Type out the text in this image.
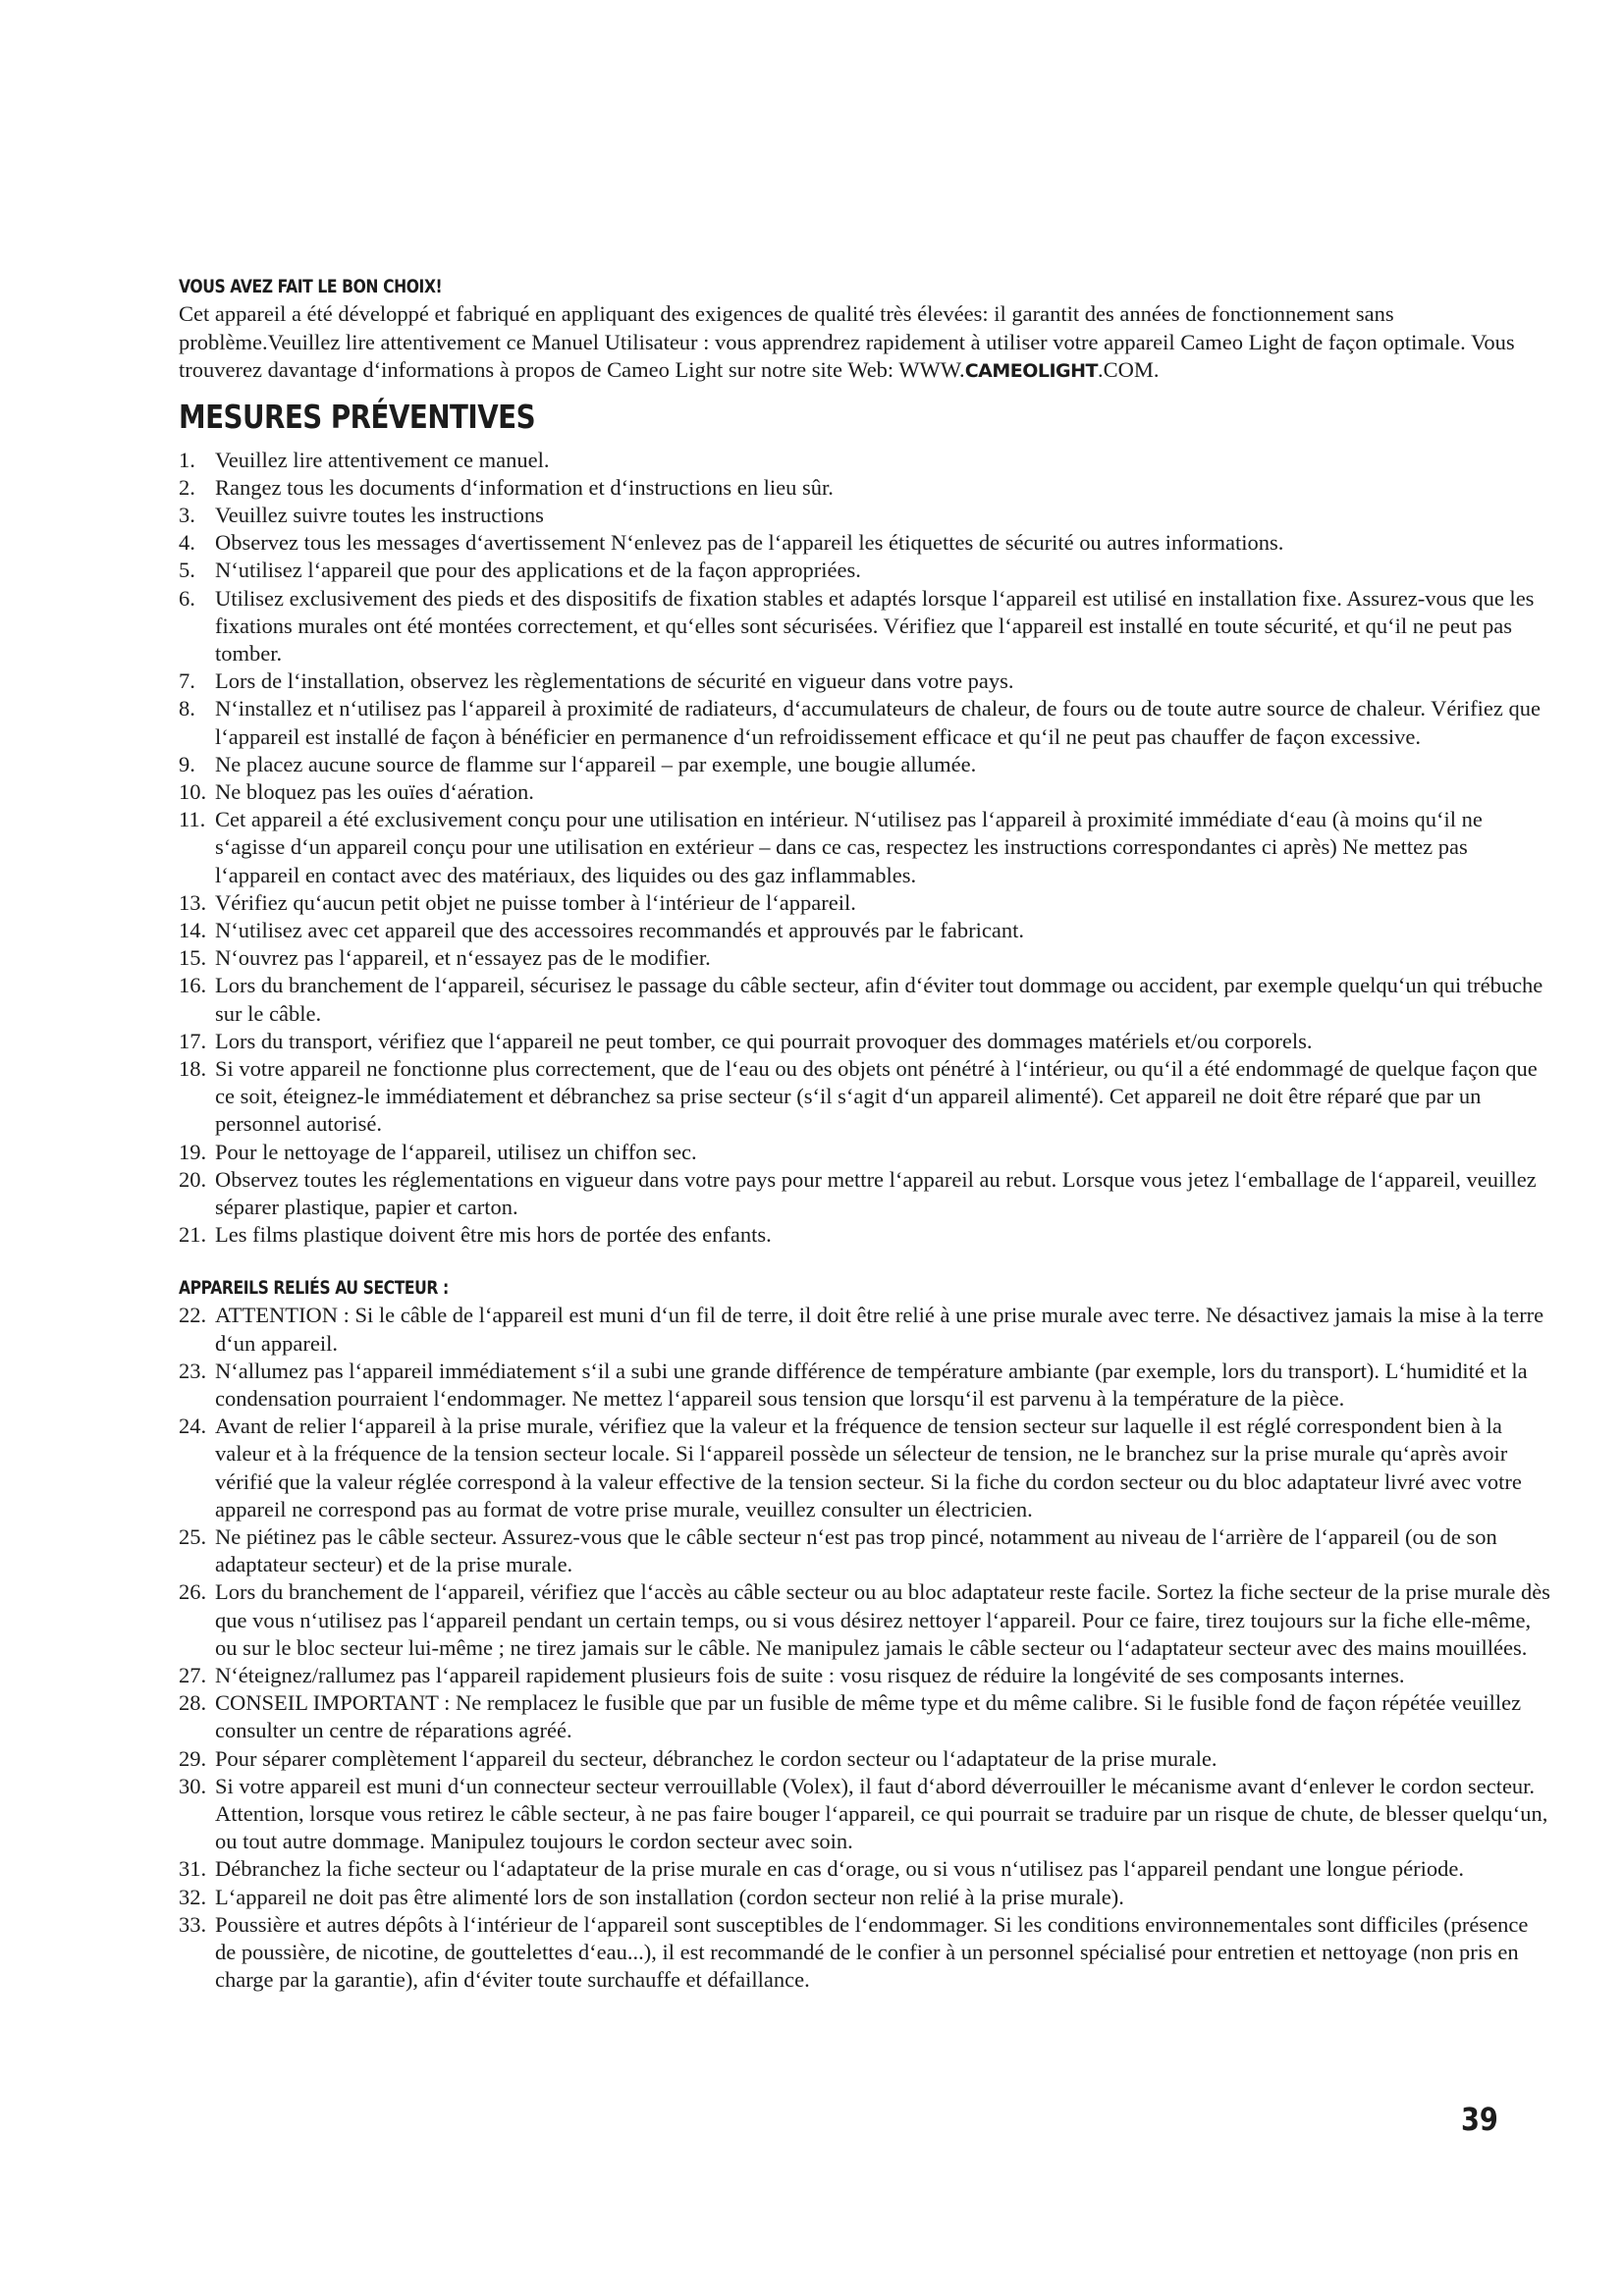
VOUS AVEZ FAIT LE BON CHOIX!

Cet appareil a été développé et fabriqué en appliquant des exigences de qualité très élevées: il garantit des années de fonctionnement sans problème.Veuillez lire attentivement ce Manuel Utilisateur : vous apprendrez rapidement à utiliser votre appareil Cameo Light de façon optimale. Vous trouverez davantage d‘informations à propos de Cameo Light sur notre site Web: WWW.CAMEOLIGHT.COM.

MESURES PRÉVENTIVES
1. Veuillez lire attentivement ce manuel.
2. Rangez tous les documents d‘information et d‘instructions en lieu sûr.
3. Veuillez suivre toutes les instructions
4. Observez tous les messages d‘avertissement N‘enlevez pas de l‘appareil les étiquettes de sécurité ou autres informations.
5. N‘utilisez l‘appareil que pour des applications et de la façon appropriées.
6. Utilisez exclusivement des pieds et des dispositifs de fixation stables et adaptés lorsque l‘appareil est utilisé en installation fixe. Assurez-vous que les fixations murales ont été montées correctement, et qu‘elles sont sécurisées. Vérifiez que l‘appareil est installé en toute sécurité, et qu‘il ne peut pas tomber.
7. Lors de l‘installation, observez les règlementations de sécurité en vigueur dans votre pays.
8. N‘installez et n‘utilisez pas l‘appareil à proximité de radiateurs, d‘accumulateurs de chaleur, de fours ou de toute autre source de chaleur. Vérifiez que l‘appareil est installé de façon à bénéficier en permanence d‘un refroidissement efficace et qu‘il ne peut pas chauffer de façon excessive.
9. Ne placez aucune source de flamme sur l‘appareil – par exemple, une bougie allumée.
10. Ne bloquez pas les ouïes d‘aération.
11. Cet appareil a été exclusivement conçu pour une utilisation en intérieur. N‘utilisez pas l‘appareil à proximité immédiate d‘eau (à moins qu‘il ne s‘agisse d‘un appareil conçu pour une utilisation en extérieur – dans ce cas, respectez les instructions correspondantes ci après) Ne mettez pas l‘appareil en contact avec des matériaux, des liquides ou des gaz inflammables.
13. Vérifiez qu‘aucun petit objet ne puisse tomber à l‘intérieur de l‘appareil.
14. N‘utilisez avec cet appareil que des accessoires recommandés et approuvés par le fabricant.
15. N‘ouvrez pas l‘appareil, et n‘essayez pas de le modifier.
16. Lors du branchement de l‘appareil, sécurisez le passage du câble secteur, afin d‘éviter tout dommage ou accident, par exemple quelqu‘un qui trébuche sur le câble.
17. Lors du transport, vérifiez que l‘appareil ne peut tomber, ce qui pourrait provoquer des dommages matériels et/ou corporels.
18. Si votre appareil ne fonctionne plus correctement, que de l‘eau ou des objets ont pénétré à l‘intérieur, ou qu‘il a été endommagé de quelque façon que ce soit, éteignez-le immédiatement et débranchez sa prise secteur (s‘il s‘agit d‘un appareil alimenté). Cet appareil ne doit être réparé que par un personnel autorisé.
19. Pour le nettoyage de l‘appareil, utilisez un chiffon sec.
20. Observez toutes les réglementations en vigueur dans votre pays pour mettre l‘appareil au rebut. Lorsque vous jetez l‘emballage de l‘appareil, veuillez séparer plastique, papier et carton.
21. Les films plastique doivent être mis hors de portée des enfants.
APPAREILS RELIÉS AU SECTEUR :
22. ATTENTION : Si le câble de l‘appareil est muni d‘un fil de terre, il doit être relié à une prise murale avec terre. Ne désactivez jamais la mise à la terre d‘un appareil.
23. N‘allumez pas l‘appareil immédiatement s‘il a subi une grande différence de température ambiante (par exemple, lors du transport). L‘humidité et la condensation pourraient l‘endommager. Ne mettez l‘appareil sous tension que lorsqu‘il est parvenu à la température de la pièce.
24. Avant de relier l‘appareil à la prise murale, vérifiez que la valeur et la fréquence de tension secteur sur laquelle il est réglé correspondent bien à la valeur et à la fréquence de la tension secteur locale. Si l‘appareil possède un sélecteur de tension, ne le branchez sur la prise murale qu‘après avoir vérifié que la valeur réglée correspond à la valeur effective de la tension secteur. Si la fiche du cordon secteur ou du bloc adaptateur livré avec votre appareil ne correspond pas au format de votre prise murale, veuillez consulter un électricien.
25. Ne piétinez pas le câble secteur. Assurez-vous que le câble secteur n‘est pas trop pincé, notamment au niveau de l‘arrière de l‘appareil (ou de son adaptateur secteur) et de la prise murale.
26. Lors du branchement de l‘appareil, vérifiez que l‘accès au câble secteur ou au bloc adaptateur reste facile. Sortez la fiche secteur de la prise murale dès que vous n‘utilisez pas l‘appareil pendant un certain temps, ou si vous désirez nettoyer l‘appareil. Pour ce faire, tirez toujours sur la fiche elle-même, ou sur le bloc secteur lui-même ; ne tirez jamais sur le câble. Ne manipulez jamais le câble secteur ou l‘adaptateur secteur avec des mains mouillées.
27. N‘éteignez/rallumez pas l‘appareil rapidement plusieurs fois de suite : vosu risquez de réduire la longévité de ses composants internes.
28. CONSEIL IMPORTANT : Ne remplacez le fusible que par un fusible de même type et du même calibre. Si le fusible fond de façon répétée veuillez consulter un centre de réparations agréé.
29. Pour séparer complètement l‘appareil du secteur, débranchez le cordon secteur ou l‘adaptateur de la prise murale.
30. Si votre appareil est muni d‘un connecteur secteur verrouillable (Volex), il faut d‘abord déverrouiller le mécanisme avant d‘enlever le cordon secteur. Attention, lorsque vous retirez le câble secteur, à ne pas faire bouger l‘appareil, ce qui pourrait se traduire par un risque de chute, de blesser quelqu‘un, ou tout autre dommage. Manipulez toujours le cordon secteur avec soin.
31. Débranchez la fiche secteur ou l‘adaptateur de la prise murale en cas d‘orage, ou si vous n‘utilisez pas l‘appareil pendant une longue période.
32. L‘appareil ne doit pas être alimenté lors de son installation (cordon secteur non relié à la prise murale).
33. Poussière et autres dépôts à l‘intérieur de l‘appareil sont susceptibles de l‘endommager. Si les conditions environnementales sont difficiles (présence de poussière, de nicotine, de gouttelettes d‘eau...), il est recommandé de le confier à un personnel spécialisé pour entretien et nettoyage (non pris en charge par la garantie), afin d‘éviter toute surchauffe et défaillance.
39
